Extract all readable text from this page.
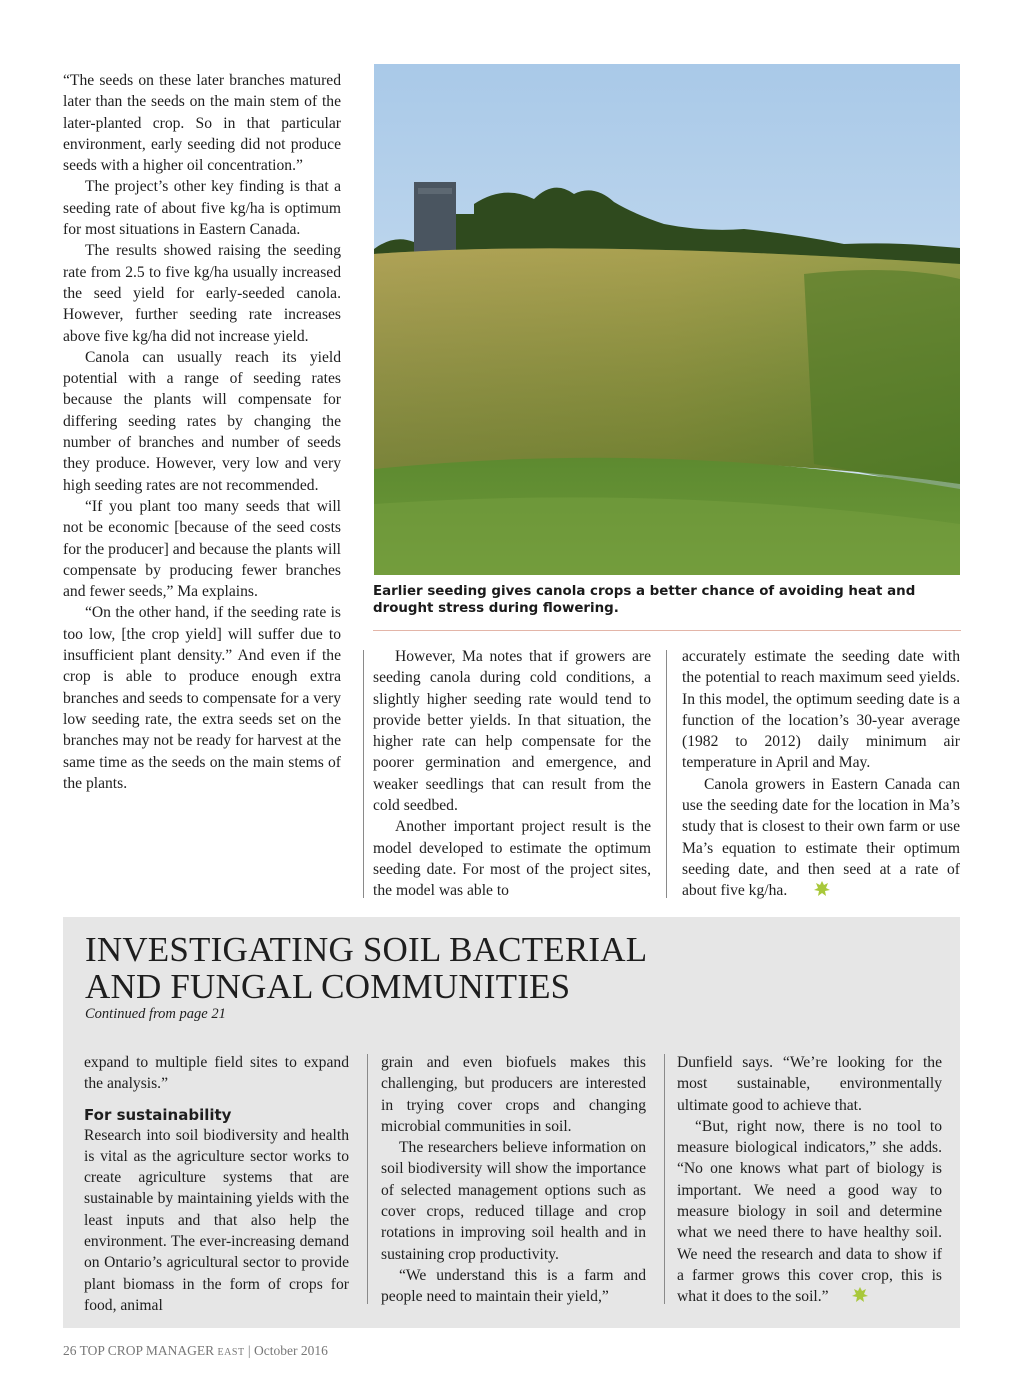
“The seeds on these later branches matured later than the seeds on the main stem of the later-planted crop. So in that particular environment, early seeding did not produce seeds with a higher oil concentration.”

The project’s other key finding is that a seeding rate of about five kg/ha is optimum for most situations in Eastern Canada.

The results showed raising the seeding rate from 2.5 to five kg/ha usually increased the seed yield for early-seeded canola. However, further seeding rate increases above five kg/ha did not increase yield.

Canola can usually reach its yield potential with a range of seeding rates because the plants will compensate for differing seeding rates by changing the number of branches and number of seeds they produce. However, very low and very high seeding rates are not recommended.

“If you plant too many seeds that will not be economic [because of the seed costs for the producer] and because the plants will compensate by producing fewer branches and fewer seeds,” Ma explains.

“On the other hand, if the seeding rate is too low, [the crop yield] will suffer due to insufficient plant density.” And even if the crop is able to produce enough extra branches and seeds to compensate for a very low seeding rate, the extra seeds set on the branches may not be ready for harvest at the same time as the seeds on the main stems of the plants.

Earlier seeding gives canola crops a better chance of avoiding heat and drought stress during flowering.

However, Ma notes that if growers are seeding canola during cold conditions, a slightly higher seeding rate would tend to provide better yields. In that situation, the higher rate can help compensate for the poorer germination and emergence, and weaker seedlings that can result from the cold seedbed.

Another important project result is the model developed to estimate the optimum seeding date. For most of the project sites, the model was able to

accurately estimate the seeding date with the potential to reach maximum seed yields. In this model, the optimum seeding date is a function of the location’s 30-year average (1982 to 2012) daily minimum air temperature in April and May.

Canola growers in Eastern Canada can use the seeding date for the location in Ma’s study that is closest to their own farm or use Ma’s equation to estimate their optimum seeding date, and then seed at a rate of about five kg/ha.

INVESTIGATING SOIL BACTERIAL
AND FUNGAL COMMUNITIES
Continued from page 21

expand to multiple field sites to expand the analysis.”

For sustainability

Research into soil biodiversity and health is vital as the agriculture sector works to create agriculture systems that are sustainable by maintaining yields with the least inputs and that also help the environment. The ever-increasing demand on Ontario’s agricultural sector to provide plant biomass in the form of crops for food, animal

grain and even biofuels makes this challenging, but producers are interested in trying cover crops and changing microbial communities in soil.

The researchers believe information on soil biodiversity will show the importance of selected management options such as cover crops, reduced tillage and crop rotations in improving soil health and in sustaining crop productivity.

“We understand this is a farm and people need to maintain their yield,”

Dunfield says. “We’re looking for the most sustainable, environmentally ultimate good to achieve that.

“But, right now, there is no tool to measure biological indicators,” she adds. “No one knows what part of biology is important. We need a good way to measure biology in soil and determine what we need there to have healthy soil. We need the research and data to show if a farmer grows this cover crop, this is what it does to the soil.”

26 TOP CROP MANAGER EAST | October 2016
